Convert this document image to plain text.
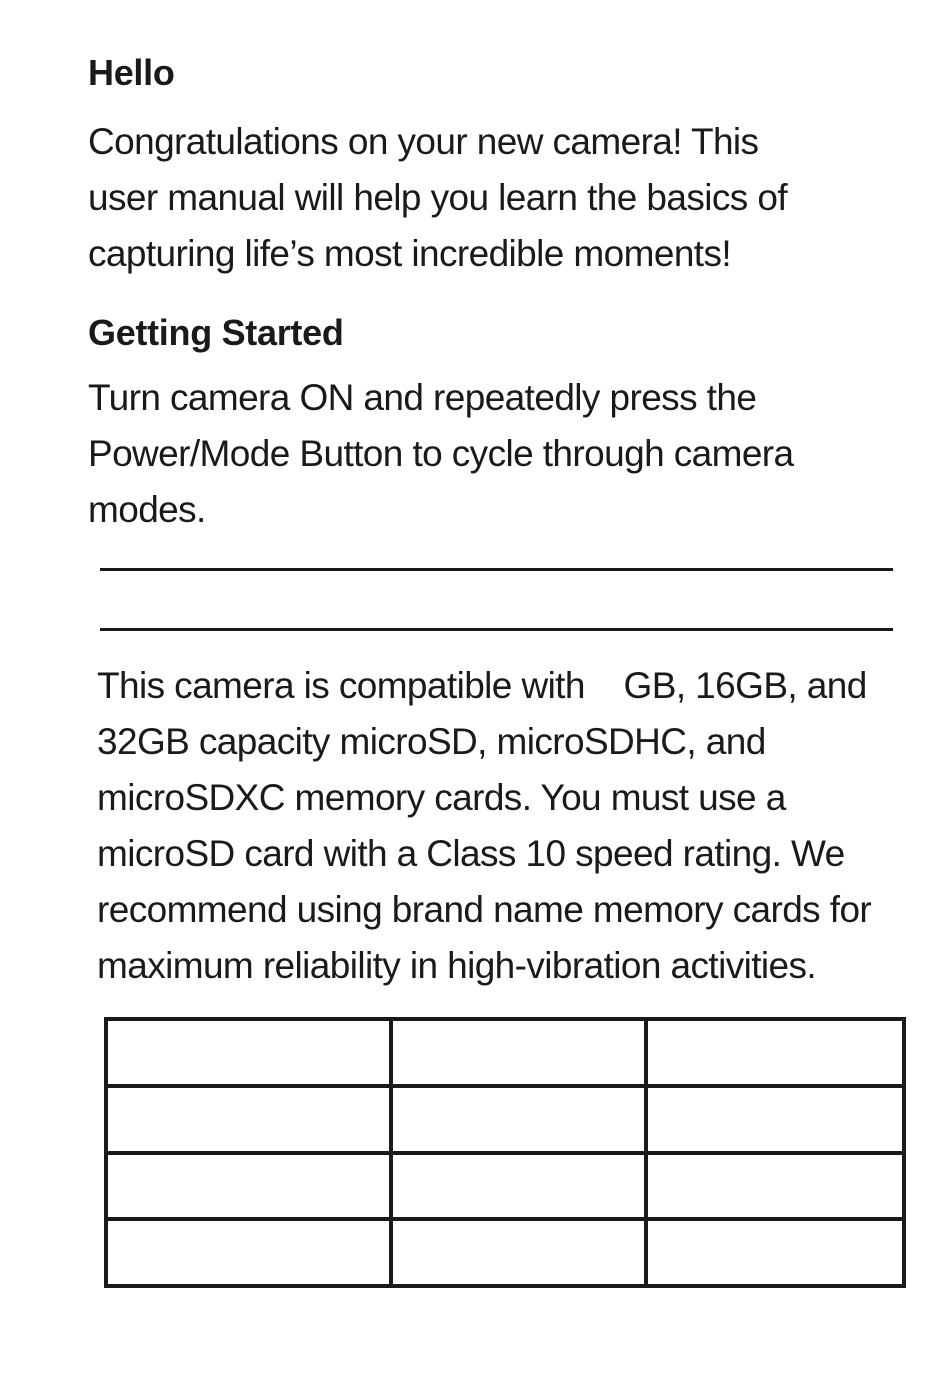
Hello

Congratulations on your new camera! This
user manual will help you learn the basics of
capturing life’s most incredible moments!

Getting Started

Turn camera ON and repeatedly press the
Power/Mode Button to cycle through camera
modes.

This camera is compatible with    GB, 16GB, and
32GB capacity microSD, microSDHC, and
microSDXC memory cards. You must use a
microSD card with a Class 10 speed rating. We
recommend using brand name memory cards for
maximum reliability in high-vibration activities.
